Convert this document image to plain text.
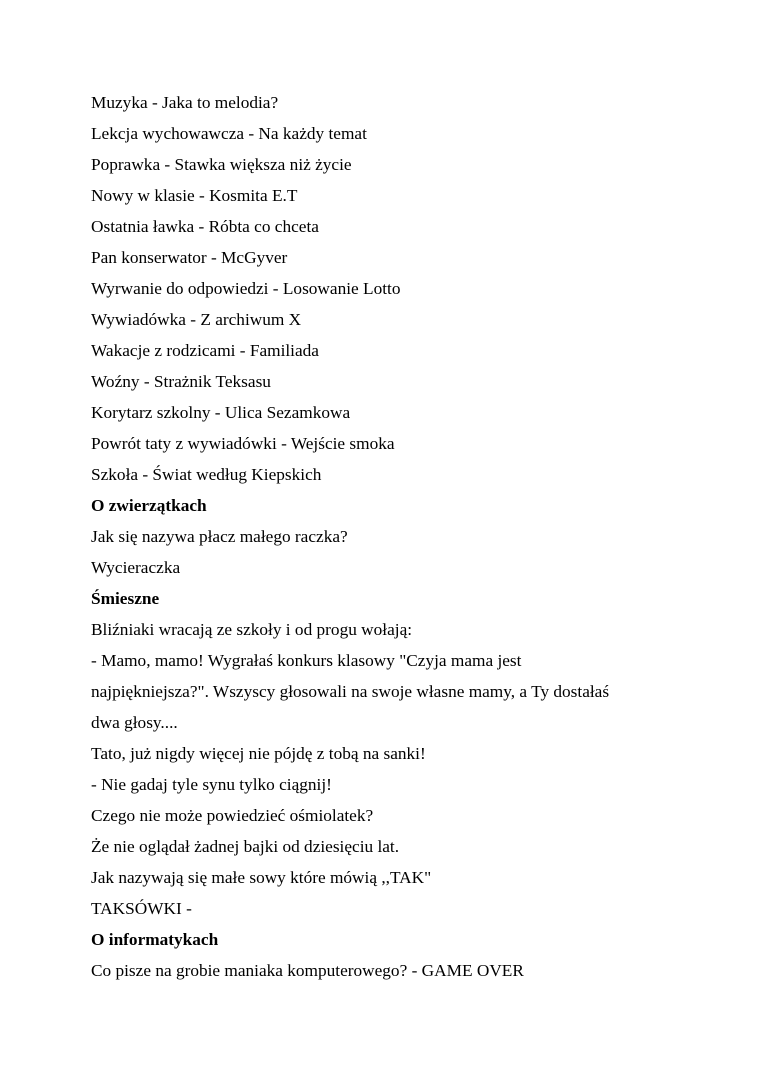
Muzyka - Jaka to melodia?
Lekcja wychowawcza - Na każdy temat
Poprawka - Stawka większa niż życie
Nowy w klasie - Kosmita E.T
Ostatnia ławka - Róbta co chceta
Pan konserwator - McGyver
Wyrwanie do odpowiedzi - Losowanie Lotto
Wywiadówka - Z archiwum X
Wakacje z rodzicami - Familiada
Woźny - Strażnik Teksasu
Korytarz szkolny - Ulica Sezamkowa
Powrót taty z wywiadówki - Wejście smoka
Szkoła - Świat według Kiepskich
O zwierzątkach
Jak się nazywa płacz małego raczka?
Wycieraczka
Śmieszne
Bliźniaki wracają ze szkoły i od progu wołają:
- Mamo, mamo! Wygrałaś konkurs klasowy "Czyja mama jest
najpiękniejsza?". Wszyscy głosowali na swoje własne mamy, a Ty dostałaś
dwa głosy....
Tato, już nigdy więcej nie pójdę z tobą na sanki!
- Nie gadaj tyle synu tylko ciągnij!
Czego nie może powiedzieć ośmiolatek?
Że nie oglądał żadnej bajki od dziesięciu lat.
Jak nazywają się małe sowy które mówią ,,TAK"
TAKSÓWKI -
O informatykach
Co pisze na grobie maniaka komputerowego? - GAME OVER
